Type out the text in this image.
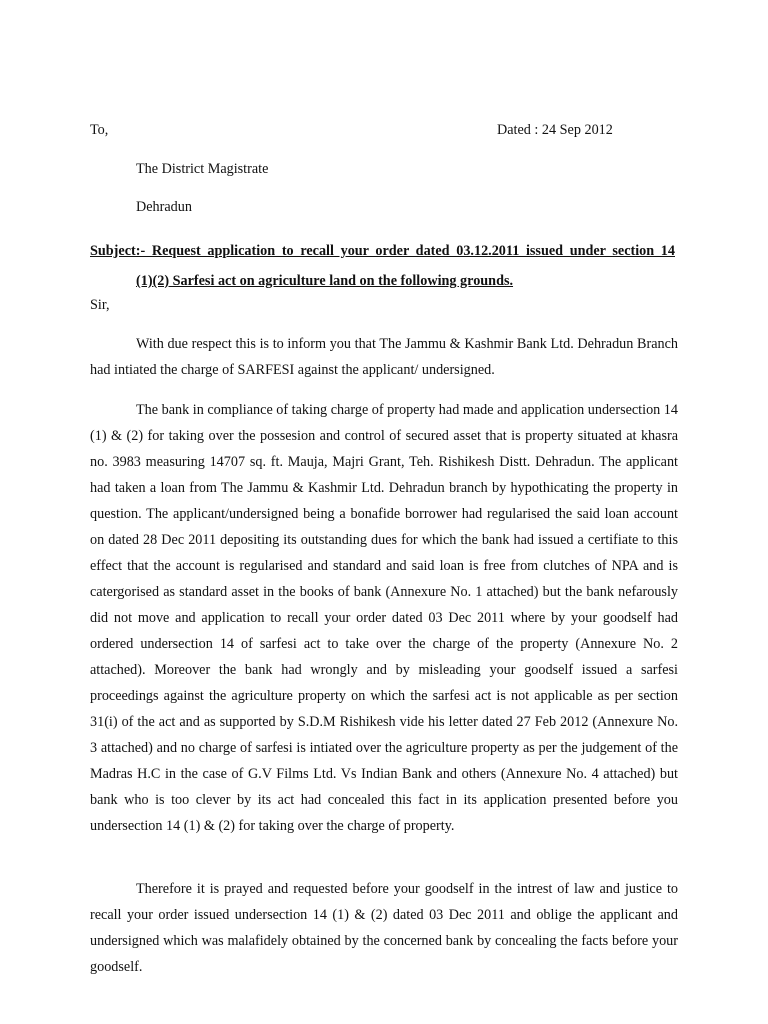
To,	Dated : 24 Sep 2012
The District Magistrate
Dehradun
Subject:- Request application to recall your order dated 03.12.2011 issued under section 14
(1)(2) Sarfesi act on agriculture land on the following grounds.
Sir,

With due respect this is to inform you that The Jammu & Kashmir Bank Ltd. Dehradun Branch had intiated the charge of SARFESI against the applicant/ undersigned.

The bank in compliance of taking charge of property had made and application undersection 14 (1) & (2) for taking over the possesion and control of secured asset that is property situated at khasra no. 3983 measuring 14707 sq. ft. Mauja, Majri Grant, Teh. Rishikesh Distt. Dehradun. The applicant had taken a loan from The Jammu & Kashmir Ltd. Dehradun branch by hypothicating the property in question. The applicant/undersigned being a bonafide borrower had regularised the said loan account on dated 28 Dec 2011 depositing its outstanding dues for which the bank had issued a certifiate to this effect that the account is regularised and standard and said loan is free from clutches of NPA and is catergorised as standard asset in the books of bank (Annexure No. 1 attached) but the bank nefarously did not move and application to recall your order dated 03 Dec 2011 where by your goodself had ordered undersection 14 of sarfesi act to take over the charge of the property (Annexure No. 2 attached). Moreover the bank had wrongly and by misleading your goodself issued a sarfesi proceedings against the agriculture property on which the sarfesi act is not applicable as per section 31(i) of the act and as supported by S.D.M Rishikesh vide his letter dated 27 Feb 2012 (Annexure No. 3 attached) and no charge of sarfesi is intiated over the agriculture property as per the judgement of the Madras H.C in the case of G.V Films Ltd. Vs Indian Bank and others (Annexure No. 4 attached) but bank who is too clever by its act had concealed this fact in its application presented before you undersection 14 (1) & (2) for taking over the charge of property.

Therefore it is prayed and requested before your goodself in the intrest of law and justice to recall your order issued undersection 14 (1) & (2) dated 03 Dec 2011 and oblige the applicant and undersigned which was malafidely obtained by the concerned bank by concealing the facts before your goodself.
